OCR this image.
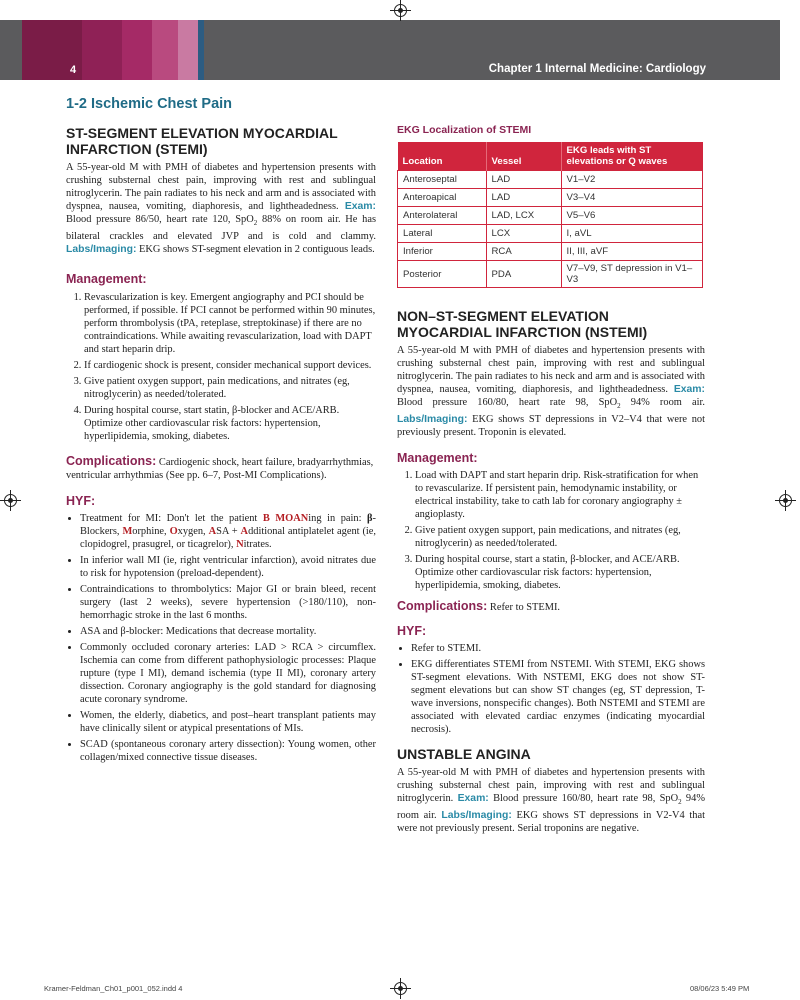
4	Chapter 1 Internal Medicine: Cardiology
1-2 Ischemic Chest Pain
ST-SEGMENT ELEVATION MYOCARDIAL INFARCTION (STEMI)

A 55-year-old M with PMH of diabetes and hypertension presents with crushing substernal chest pain, improving with rest and sublingual nitroglycerin. The pain radiates to his neck and arm and is associated with dyspnea, nausea, vomiting, diaphoresis, and lightheadedness. Exam: Blood pressure 86/50, heart rate 120, SpO$_2$ 88% on room air. He has bilateral crackles and elevated JVP and is cold and clammy. Labs/Imaging: EKG shows ST-segment elevation in 2 contiguous leads.

Management:
1. Revascularization is key. Emergent angiography and PCI should be performed, if possible. If PCI cannot be performed within 90 minutes, perform thrombolysis (tPA, reteplase, streptokinase) if there are no contraindications. While awaiting revascularization, load with DAPT and start heparin drip.
2. If cardiogenic shock is present, consider mechanical support devices.
3. Give patient oxygen support, pain medications, and nitrates (eg, nitroglycerin) as needed/tolerated.
4. During hospital course, start statin, β-blocker and ACE/ARB. Optimize other cardiovascular risk factors: hypertension, hyperlipidemia, smoking, diabetes.

Complications: Cardiogenic shock, heart failure, bradyarrhythmias, ventricular arrhythmias (See pp. 6–7, Post-MI Complications).

HYF:
• Treatment for MI: Don't let the patient B MOANing in pain: β-Blockers, Morphine, Oxygen, ASA + Additional antiplatelet agent (ie, clopidogrel, prasugrel, or ticagrelor), Nitrates.
• In inferior wall MI (ie, right ventricular infarction), avoid nitrates due to risk for hypotension (preload-dependent).
• Contraindications to thrombolytics: Major GI or brain bleed, recent surgery (last 2 weeks), severe hypertension (>180/110), non-hemorrhagic stroke in the last 6 months.
• ASA and β-blocker: Medications that decrease mortality.
• Commonly occluded coronary arteries: LAD > RCA > circumflex. Ischemia can come from different pathophysiologic processes: Plaque rupture (type I MI), demand ischemia (type II MI), coronary artery dissection. Coronary angiography is the gold standard for diagnosing acute coronary syndrome.
• Women, the elderly, diabetics, and post–heart transplant patients may have clinically silent or atypical presentations of MIs.
• SCAD (spontaneous coronary artery dissection): Young women, other collagen/mixed connective tissue diseases.
EKG Localization of STEMI
Location	Vessel	EKG leads with ST elevations or Q waves
Anteroseptal	LAD	V1–V2
Anteroapical	LAD	V3–V4
Anterolateral	LAD, LCX	V5–V6
Lateral	LCX	I, aVL
Inferior	RCA	II, III, aVF
Posterior	PDA	V7–V9, ST depression in V1–V3
NON–ST-SEGMENT ELEVATION MYOCARDIAL INFARCTION (NSTEMI)

A 55-year-old M with PMH of diabetes and hypertension presents with crushing substernal chest pain, improving with rest and sublingual nitroglycerin. The pain radiates to his neck and arm and is associated with dyspnea, nausea, vomiting, diaphoresis, and lightheadedness. Exam: Blood pressure 160/80, heart rate 98, SpO$_2$ 94% room air. Labs/Imaging: EKG shows ST depressions in V2–V4 that were not previously present. Troponin is elevated.

Management:
1. Load with DAPT and start heparin drip. Risk-stratification for when to revascularize. If persistent pain, hemodynamic instability, or electrical instability, take to cath lab for coronary angiography ± angioplasty.
2. Give patient oxygen support, pain medications, and nitrates (eg, nitroglycerin) as needed/tolerated.
3. During hospital course, start a statin, β-blocker, and ACE/ARB. Optimize other cardiovascular risk factors: hypertension, hyperlipidemia, smoking, diabetes.

Complications: Refer to STEMI.

HYF:
• Refer to STEMI.
• EKG differentiates STEMI from NSTEMI. With STEMI, EKG shows ST-segment elevations. With NSTEMI, EKG does not show ST-segment elevations but can show ST changes (eg, ST depression, T-wave inversions, nonspecific changes). Both NSTEMI and STEMI are associated with elevated cardiac enzymes (indicating myocardial necrosis).
UNSTABLE ANGINA

A 55-year-old M with PMH of diabetes and hypertension presents with crushing substernal chest pain, improving with rest and sublingual nitroglycerin. Exam: Blood pressure 160/80, heart rate 98, SpO$_2$ 94% room air. Labs/Imaging: EKG shows ST depressions in V2-V4 that were not previously present. Serial troponins are negative.

Kramer-Feldman_Ch01_p001_052.indd 4	08/06/23 5:49 PM
